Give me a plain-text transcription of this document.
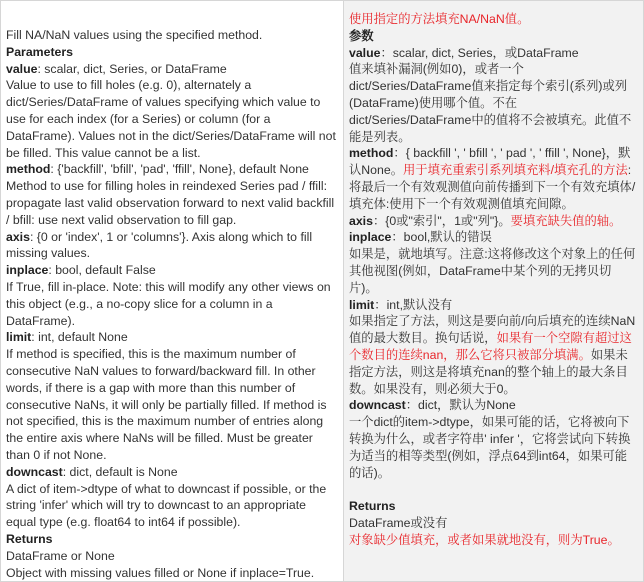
Fill NA/NaN values using the specified method.
Parameters
value: scalar, dict, Series, or DataFrame
Value to use to fill holes (e.g. 0), alternately a dict/Series/DataFrame of values specifying which value to use for each index (for a Series) or column (for a DataFrame). Values not in the dict/Series/DataFrame will not be filled. This value cannot be a list.
method: {'backfill', 'bfill', 'pad', 'ffill', None}, default None
Method to use for filling holes in reindexed Series pad / ffill: propagate last valid observation forward to next valid backfill / bfill: use next valid observation to fill gap.
axis: {0 or 'index', 1 or 'columns'}. Axis along which to fill missing values.
inplace: bool, default False
If True, fill in-place. Note: this will modify any other views on this object (e.g., a no-copy slice for a column in a DataFrame).
limit: int, default None
If method is specified, this is the maximum number of consecutive NaN values to forward/backward fill. In other words, if there is a gap with more than this number of consecutive NaNs, it will only be partially filled. If method is not specified, this is the maximum number of entries along the entire axis where NaNs will be filled. Must be greater than 0 if not None.
downcast: dict, default is None
A dict of item->dtype of what to downcast if possible, or the string 'infer' which will try to downcast to an appropriate equal type (e.g. float64 to int64 if possible).
Returns
DataFrame or None
Object with missing values filled or None if inplace=True.
使用指定的方法填充NA/NaN值。
参数
value：scalar, dict, Series，或DataFrame
值来填补漏洞(例如0)，或者一个dict/Series/DataFrame值来指定每个索引(系列)或列(DataFrame)使用哪个值。不在dict/Series/DataFrame中的值将不会被填充。此值不能是列表。
method：{ backfill ', ' bfill ', ' pad ', ' ffill ', None}，默认None。用于填充重索引系列填充料/填充孔的方法:将最后一个有效观测值向前传播到下一个有效充填体/填充体:使用下一个有效观测值填充间隙。
axis：{0或"索引"，1或"列"}。要填充缺失值的轴。
inplace：bool,默认的错误
如果是，就地填写。注意:这将修改这个对象上的任何其他视图(例如，DataFrame中某个列的无拷贝切片)。
limit：int,默认没有
如果指定了方法，则这是要向前/向后填充的连续NaN值的最大数目。换句话说，如果有一个空隙有超过这个数目的连续nan，那么它将只被部分填满。如果未指定方法，则这是将填充nan的整个轴上的最大条目数。如果没有，则必须大于0。
downcast：dict，默认为None
一个dict的item->dtype，如果可能的话，它将被向下转换为什么，或者字符串' infer '，它将尝试向下转换为适当的相等类型(例如，浮点64到int64，如果可能的话)。
Returns
DataFrame或没有
对象缺少值填充，或者如果就地没有，则为True。
